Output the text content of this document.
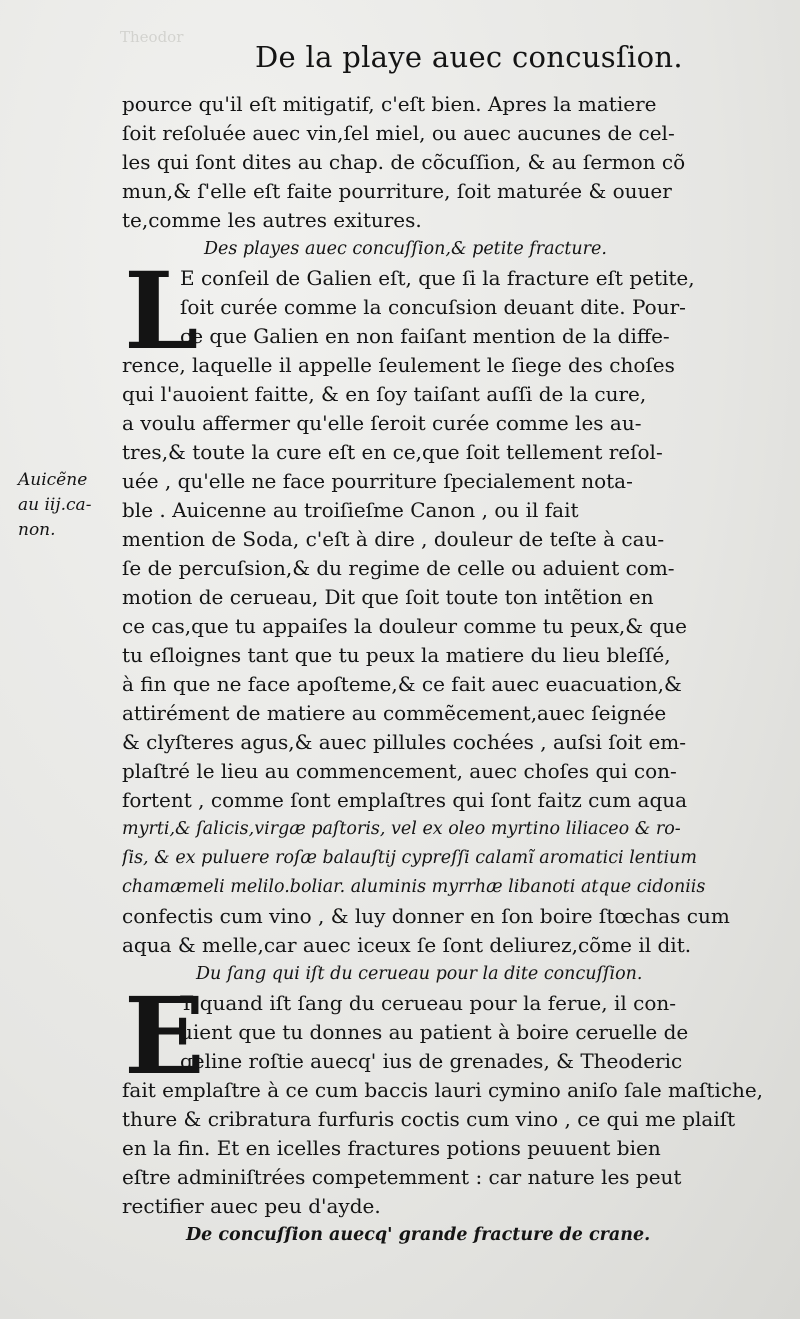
Theodor
De la playe auec concusſion.
Auicẽne
au iij.ca-
non.
pource qu'il eſt mitigatif, c'eſt bien. Apres la matiere
ſoit reſoluée auec vin,ſel miel, ou auec aucunes de cel-
les qui ſont dites au chap. de cõcuſſion, & au ſermon cõ
mun,& ſ'elle eſt faite pourriture, ſoit maturée & ouuer
te,comme les autres exitures.
Des playes auec concuſſion,& petite fracture.
L
E conſeil de Galien eſt, que ſi la fracture eſt petite,
ſoit curée comme la concuſsion deuant dite. Pour-
ce que Galien en non faiſant mention de la diffe-
rence, laquelle il appelle ſeulement le ſiege des choſes
qui l'auoient faitte, & en ſoy taiſant auſſi de la cure,
a voulu affermer qu'elle ſeroit curée comme les au-
tres,& toute la cure eſt en ce,que ſoit tellement reſol-
uée , qu'elle ne face pourriture ſpecialement nota-
ble . Auicenne au troiſieſme Canon , ou il fait
mention de Soda, c'eſt à dire , douleur de teſte à cau-
ſe de percuſsion,& du regime de celle ou aduient com-
motion de cerueau, Dit que ſoit toute ton intẽtion en
ce cas,que tu appaiſes la douleur comme tu peux,& que
tu eſloignes tant que tu peux la matiere du lieu bleſſé,
à fin que ne face apoſteme,& ce fait auec euacuation,&
attirément de matiere au commẽcement,auec ſeignée
& clyſteres agus,& auec pillules cochées , auſsi ſoit em-
plaſtré le lieu au commencement, auec choſes qui con-
fortent , comme ſont emplaſtres qui ſont faitz cum aqua
myrti,& ſalicis,virgæ paſtoris, vel ex oleo myrtino liliaceo & ro-
ſis, & ex puluere roſæ balauſtij cypreſſi calamĩ aromatici lentium
chamæmeli melilo.boliar. aluminis myrrhæ libanoti atque cidoniis
confectis cum vino , & luy donner en ſon boire ſtœchas cum
aqua & melle,car auec iceux ſe ſont deliurez,cõme il dit.
Du ſang qui iſt du cerueau pour la dite concuſſion.
E
T quand iſt ſang du cerueau pour la ferue, il con-
uient que tu donnes au patient à boire ceruelle de
geline roſtie auecq' ius de grenades, & Theoderic
fait emplaſtre à ce cum baccis lauri cymino aniſo ſale maſtiche,
thure & cribratura furfuris coctis cum vino , ce qui me plaiſt
en la fin. Et en icelles fractures potions peuuent bien
eſtre adminiſtrées competemment : car nature les peut
rectifier auec peu d'ayde.
De concuſſion auecq' grande fracture de crane.
